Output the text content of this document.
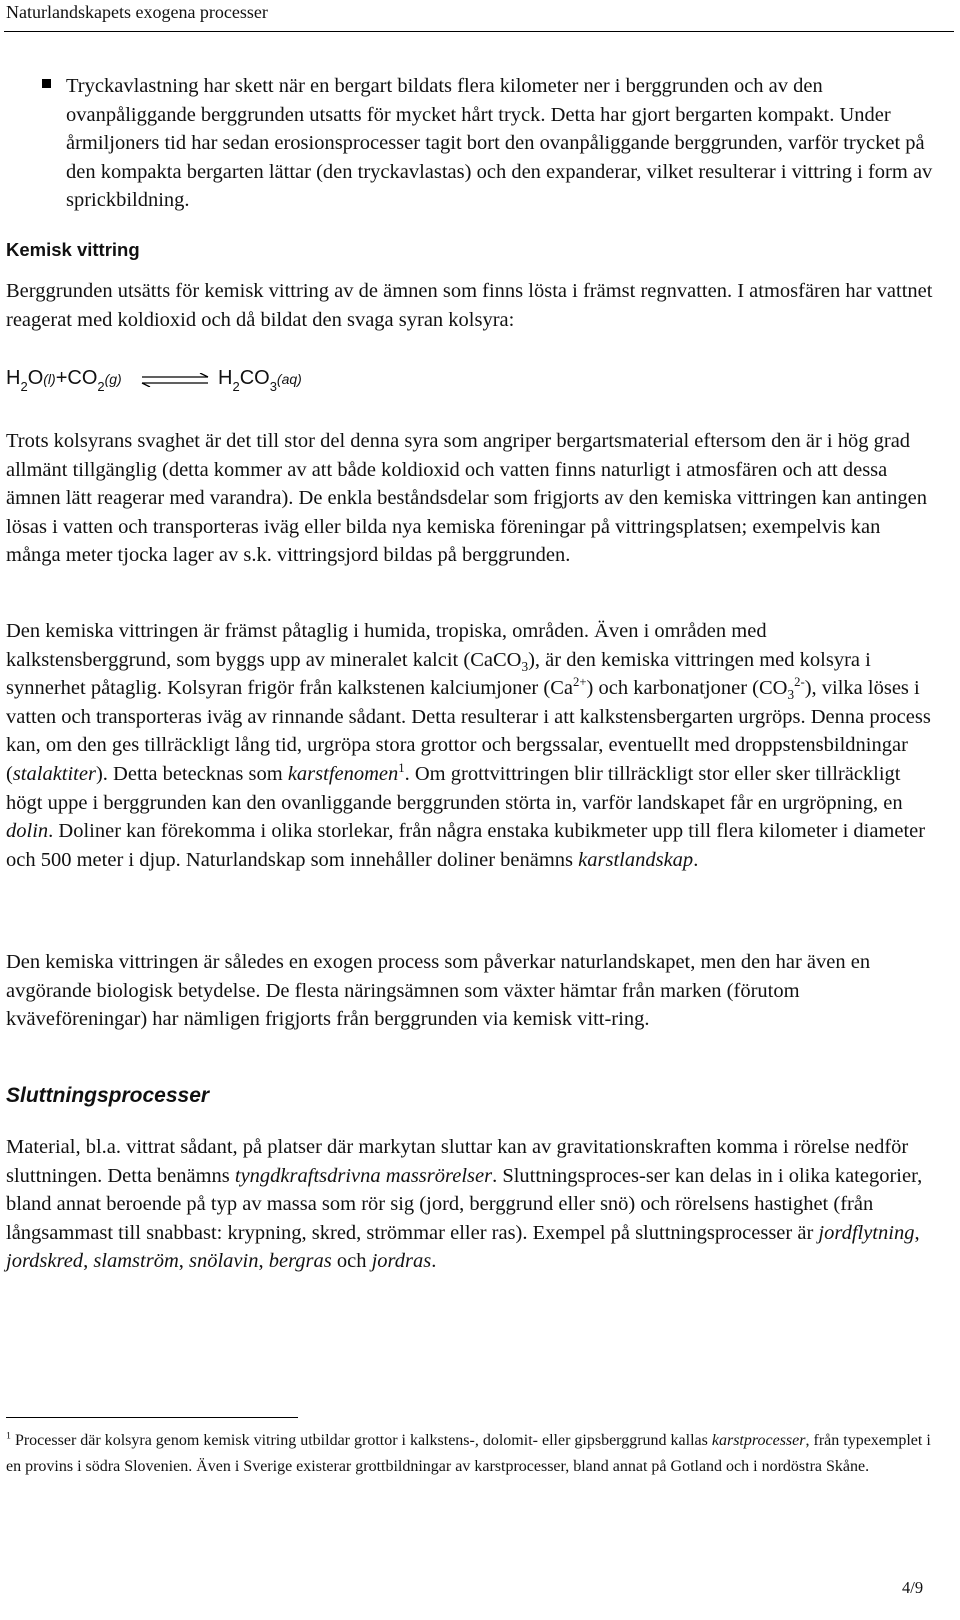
Naturlandskapets exogena processer
Tryckavlastning har skett när en bergart bildats flera kilometer ner i berggrunden och av den ovanpåliggande berggrunden utsatts för mycket hårt tryck. Detta har gjort bergarten kompakt. Under årmiljoners tid har sedan erosionsprocesser tagit bort den ovanpåliggande berggrunden, varför trycket på den kompakta bergarten lättar (den tryckavlastas) och den expanderar, vilket resulterar i vittring i form av sprickbildning.
Kemisk vittring

Berggrunden utsätts för kemisk vittring av de ämnen som finns lösta i främst regnvatten. I atmosfären har vattnet reagerat med koldioxid och då bildat den svaga syran kolsyra:

$H_2O(l)+CO_2(g)$	$H_2CO_3(aq)$

Trots kolsyrans svaghet är det till stor del denna syra som angriper bergartsmaterial eftersom den är i hög grad allmänt tillgänglig (detta kommer av att både koldioxid och vatten finns naturligt i atmosfären och att dessa ämnen lätt reagerar med varandra). De enkla beståndsdelar som frigjorts av den kemiska vittringen kan antingen lösas i vatten och transporteras iväg eller bilda nya kemiska föreningar på vittringsplatsen; exempelvis kan många meter tjocka lager av s.k. vittringsjord bildas på berggrunden.

Den kemiska vittringen är främst påtaglig i humida, tropiska, områden. Även i områden med kalkstensberggrund, som byggs upp av mineralet kalcit (CaCO$_3$), är den kemiska vittringen med kolsyra i synnerhet påtaglig. Kolsyran frigör från kalkstenen kalciumjoner $(Ca^{2+})$ och karbonatjoner $(CO_3^{2-})$, vilka löses i vatten och transporteras iväg av rinnande sådant. Detta resulterar i att kalkstensbergarten urgröps. Denna process kan, om den ges tillräckligt lång tid, urgröpa stora grottor och bergssalar, eventuellt med droppstensbildningar (stalaktiter). Detta betecknas som karstfenomen$^1$. Om grottvittringen blir tillräckligt stor eller sker tillräckligt högt uppe i berggrunden kan den ovanliggande berggrunden störta in, varför landskapet får en urgröpning, en dolin. Doliner kan förekomma i olika storlekar, från några enstaka kubikmeter upp till flera kilometer i diameter och 500 meter i djup. Naturlandskap som innehåller doliner benämns karstlandskap.

Den kemiska vittringen är således en exogen process som påverkar naturlandskapet, men den har även en avgörande biologisk betydelse. De flesta näringsämnen som växter hämtar från marken (förutom kväveföreningar) har nämligen frigjorts från berggrunden via kemisk vitt-ring.

Sluttningsprocesser

Material, bl.a. vittrat sådant, på platser där markytan sluttar kan av gravitationskraften komma i rörelse nedför sluttningen. Detta benämns tyngdkraftsdrivna massrörelser. Sluttningsproces-ser kan delas in i olika kategorier, bland annat beroende på typ av massa som rör sig (jord, berggrund eller snö) och rörelsens hastighet (från långsammast till snabbast: krypning, skred, strömmar eller ras). Exempel på sluttningsprocesser är jordflytning, jordskred, slamström, snölavin, bergras och jordras.

$^1$ Processer där kolsyra genom kemisk vitring utbildar grottor i kalkstens-, dolomit- eller gipsberggrund kallas karstprocesser, från typexemplet i en provins i södra Slovenien. Även i Sverige existerar grottbildningar av karstprocesser, bland annat på Gotland och i nordöstra Skåne.

4/9
